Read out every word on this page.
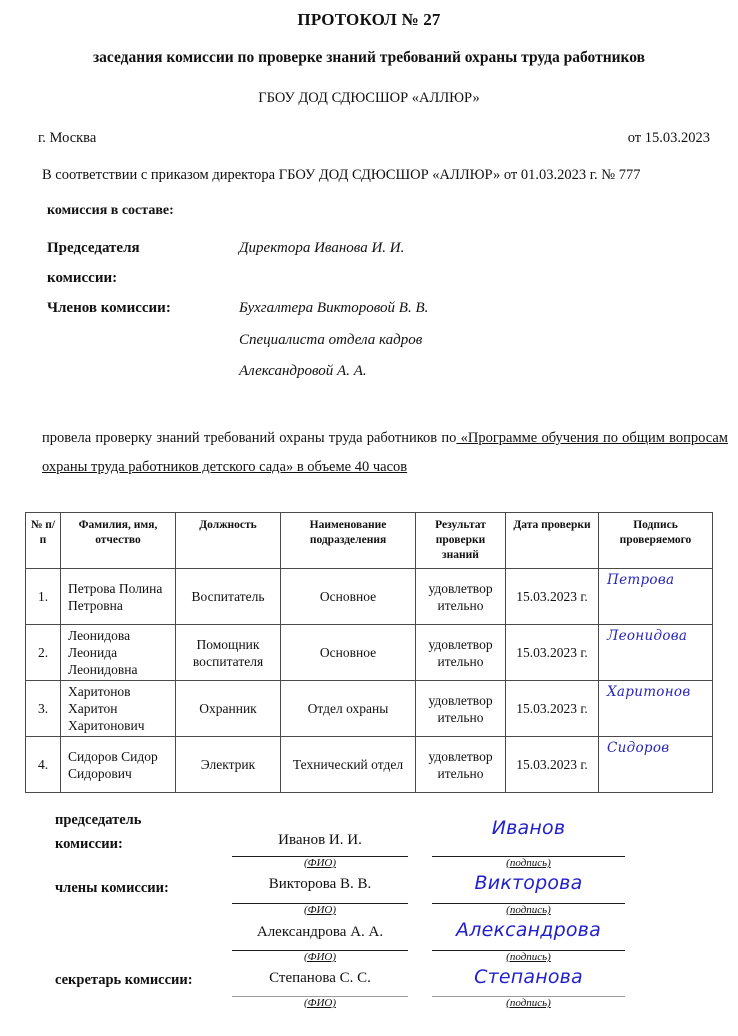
ПРОТОКОЛ № 27
заседания комиссии по проверке знаний требований охраны труда работников
ГБОУ ДОД СДЮСШОР «АЛЛЮР»
г. Москва	от 15.03.2023
В соответствии с приказом директора ГБОУ ДОД СДЮСШОР «АЛЛЮР» от 01.03.2023 г. № 777
комиссия в составе:
Председателя
комиссии:
Директора Иванова И. И.
Членов комиссии:	Бухгалтера Викторовой В. В.
Специалиста отдела кадров
Александровой А. А.
провела проверку знаний требований охраны труда работников по «Программе обучения по общим вопросам охраны труда работников детского сада» в объеме 40 часов
№ п/п	Фамилия, имя, отчество	Должность	Наименование подразделения	Результат проверки знаний	Дата проверки	Подпись проверяемого
1.	Петрова Полина Петровна	Воспитатель	Основное	удовлетвор ительно	15.03.2023 г.	Петрова
2.	Леонидова Леонида Леонидовна	Помощник воспитателя	Основное	удовлетвор ительно	15.03.2023 г.	Леонидова
3.	Харитонов Харитон Харитонович	Охранник	Отдел охраны	удовлетвор ительно	15.03.2023 г.	Харитонов
4.	Сидоров Сидор Сидорович	Электрик	Технический отдел	удовлетвор ительно	15.03.2023 г.	Сидоров
председатель
комиссии:	Иванов И. И.
(ФИО)
Иванов
(подпись)
члены комиссии:	Викторова В. В.
(ФИО)
Викторова
(подпись)
Александрова А. А.
(ФИО)
Александрова
(подпись)
секретарь комиссии:	Степанова С. С.
(ФИО)
Степанова
(подпись)
